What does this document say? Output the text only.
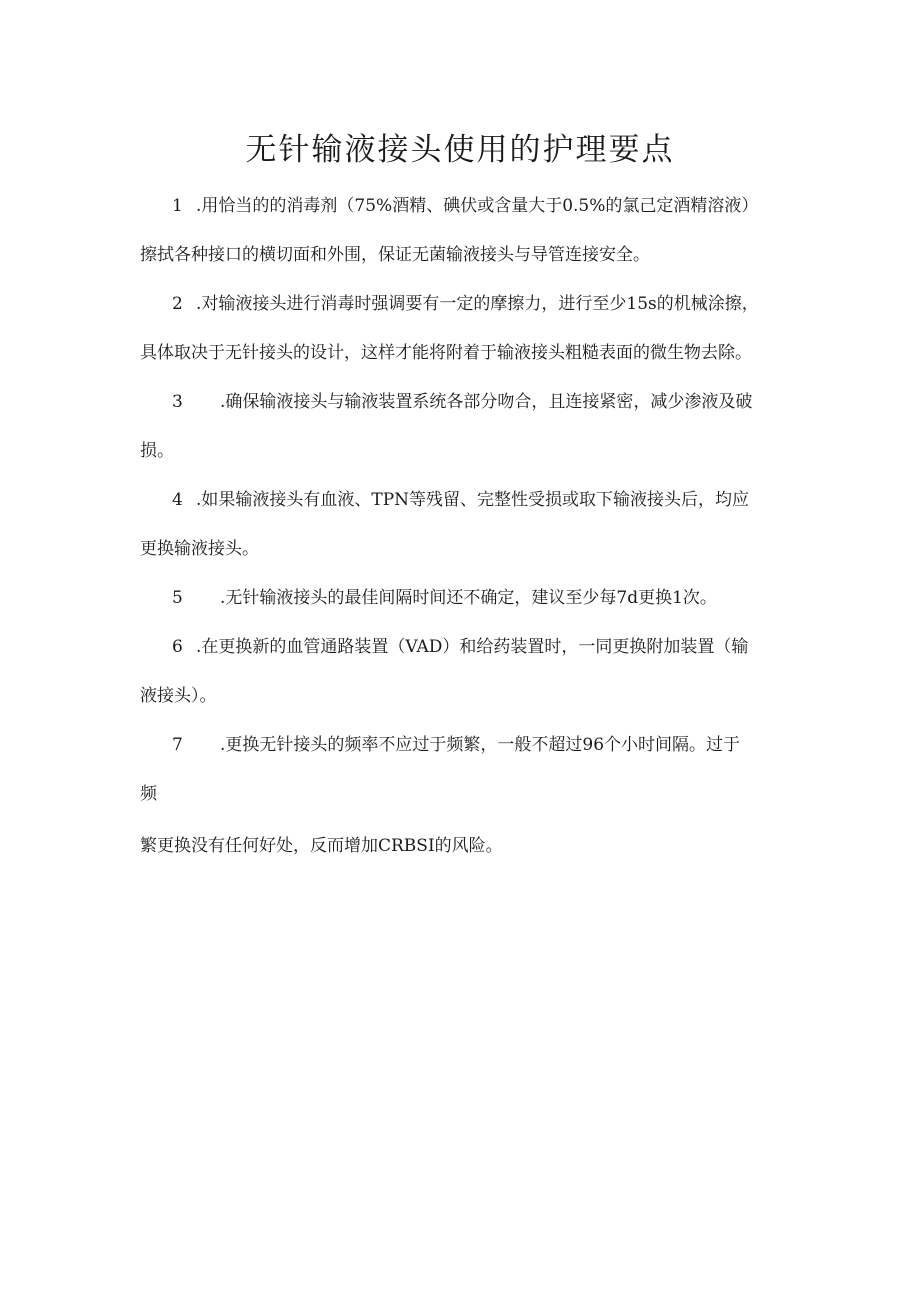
无针输液接头使用的护理要点
1 .用恰当的的消毒剂（75%酒精、碘伏或含量大于0.5%的氯己定酒精溶液）
擦拭各种接口的横切面和外围，保证无菌输液接头与导管连接安全。
2 .对输液接头进行消毒时强调要有一定的摩擦力，进行至少15s的机械涂擦，
具体取决于无针接头的设计，这样才能将附着于输液接头粗糙表面的微生物去除。
3 .确保输液接头与输液装置系统各部分吻合，且连接紧密，减少渗液及破
损。
4 .如果输液接头有血液、TPN等残留、完整性受损或取下输液接头后，均应
更换输液接头。
5 .无针输液接头的最佳间隔时间还不确定，建议至少每7d更换1次。
6 .在更换新的血管通路装置（VAD）和给药装置时，一同更换附加装置（输
液接头）。
7 .更换无针接头的频率不应过于频繁，一般不超过96个小时间隔。过于
频
繁更换没有任何好处，反而增加CRBSI的风险。
